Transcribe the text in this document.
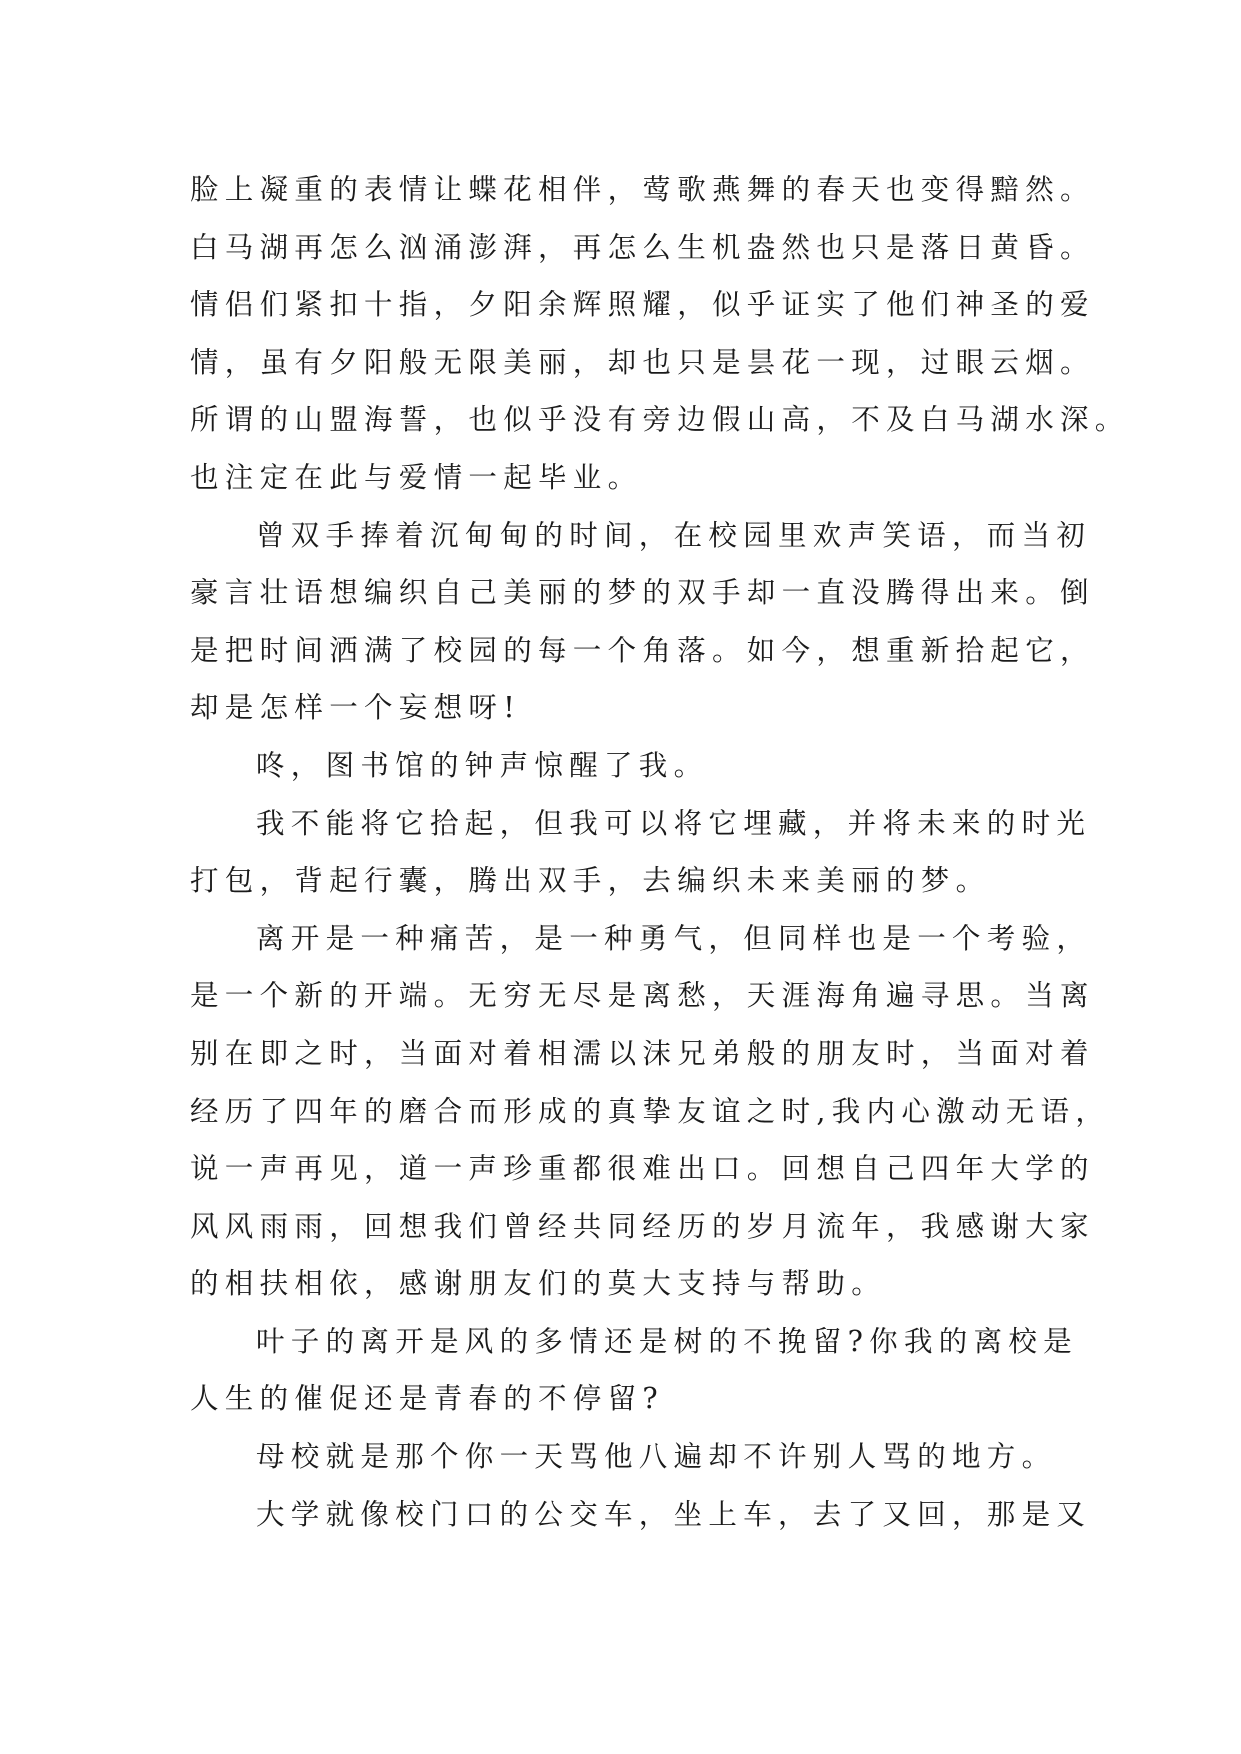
脸上凝重的表情让蝶花相伴，莺歌燕舞的春天也变得黯然。
白马湖再怎么汹涌澎湃，再怎么生机盎然也只是落日黄昏。
情侣们紧扣十指，夕阳余辉照耀，似乎证实了他们神圣的爱
情，虽有夕阳般无限美丽，却也只是昙花一现，过眼云烟。
所谓的山盟海誓，也似乎没有旁边假山高，不及白马湖水深。
也注定在此与爱情一起毕业。
曾双手捧着沉甸甸的时间，在校园里欢声笑语，而当初
豪言壮语想编织自己美丽的梦的双手却一直没腾得出来。倒
是把时间洒满了校园的每一个角落。如今，想重新拾起它，
却是怎样一个妄想呀!
咚，图书馆的钟声惊醒了我。
我不能将它拾起，但我可以将它埋藏，并将未来的时光
打包，背起行囊，腾出双手，去编织未来美丽的梦。
离开是一种痛苦，是一种勇气，但同样也是一个考验，
是一个新的开端。无穷无尽是离愁，天涯海角遍寻思。当离
别在即之时，当面对着相濡以沫兄弟般的朋友时，当面对着
经历了四年的磨合而形成的真挚友谊之时,我内心激动无语，
说一声再见，道一声珍重都很难出口。回想自己四年大学的
风风雨雨，回想我们曾经共同经历的岁月流年，我感谢大家
的相扶相依，感谢朋友们的莫大支持与帮助。
叶子的离开是风的多情还是树的不挽留?你我的离校是
人生的催促还是青春的不停留?
母校就是那个你一天骂他八遍却不许别人骂的地方。
大学就像校门口的公交车，坐上车，去了又回，那是又
